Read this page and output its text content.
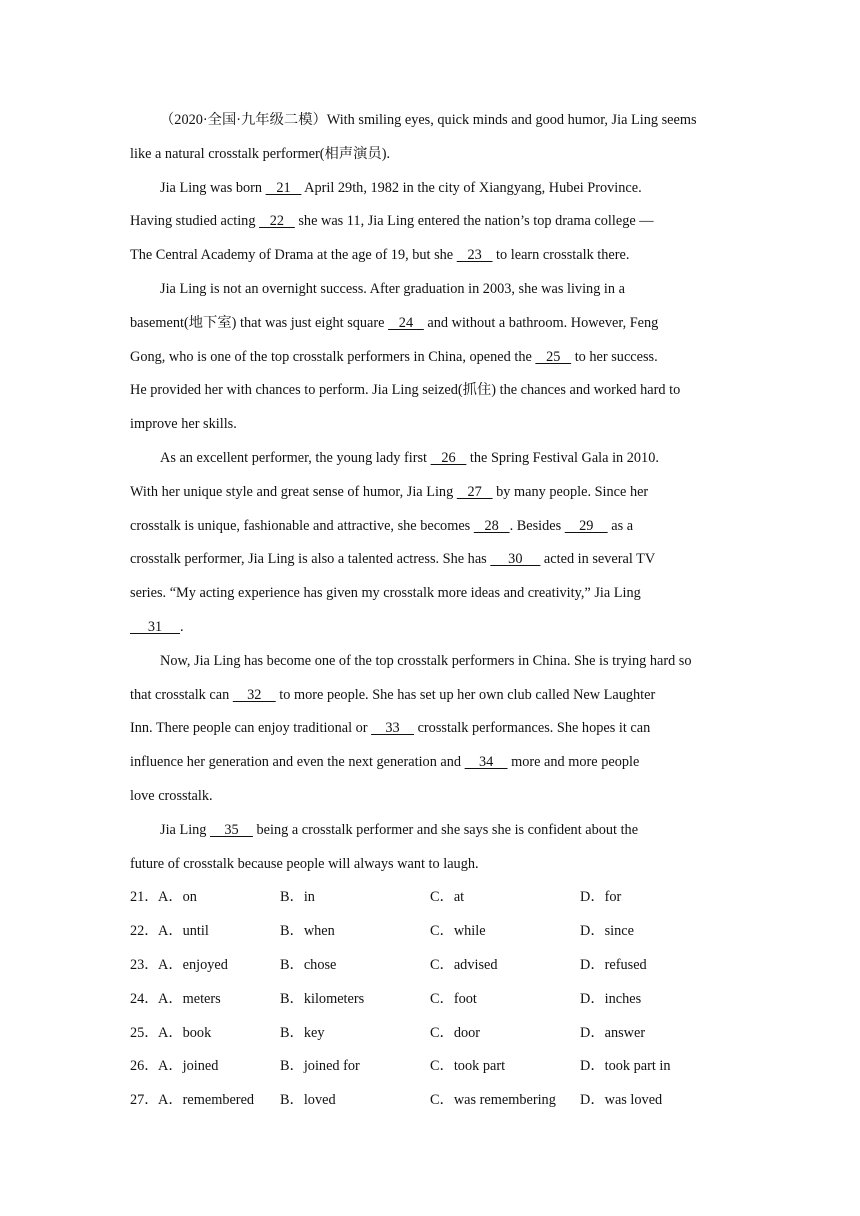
（2020·全国·九年级二模）With smiling eyes, quick minds and good humor, Jia Ling seems
like a natural crosstalk performer(相声演员).
Jia Ling was born    21    April 29th, 1982 in the city of Xiangyang, Hubei Province.
Having studied acting    22    she was 11, Jia Ling entered the nation’s top drama college —
The Central Academy of Drama at the age of 19, but she    23    to learn crosstalk there.
Jia Ling is not an overnight success. After graduation in 2003, she was living in a
basement(地下室) that was just eight square    24    and without a bathroom. However, Feng
Gong, who is one of the top crosstalk performers in China, opened the    25    to her success.
He provided her with chances to perform. Jia Ling seized(抓住) the chances and worked hard to
improve her skills.
As an excellent performer, the young lady first    26    the Spring Festival Gala in 2010.
With her unique style and great sense of humor, Jia Ling    27    by many people. Since her
crosstalk is unique, fashionable and attractive, she becomes    28   . Besides     29     as a
crosstalk performer, Jia Ling is also a talented actress. She has      30      acted in several TV
series. “My acting experience has given my crosstalk more ideas and creativity,” Jia Ling
31     .
Now, Jia Ling has become one of the top crosstalk performers in China. She is trying hard so
that crosstalk can     32     to more people. She has set up her own club called New Laughter
Inn. There people can enjoy traditional or     33     crosstalk performances. She hopes it can
influence her generation and even the next generation and     34     more and more people
love crosstalk.
Jia Ling     35     being a crosstalk performer and she says she is confident about the
future of crosstalk because people will always want to laugh.
21． A．on	B．in	C．at	D．for
22． A．until	B．when	C．while	D．since
23． A．enjoyed	B．chose	C．advised	D．refused
24． A．meters	B．kilometers	C．foot	D．inches
25． A．book	B．key	C．door	D．answer
26． A．joined	B．joined for	C．took part	D．took part in
27． A．remembered B．loved	C．was remembering D．was loved
